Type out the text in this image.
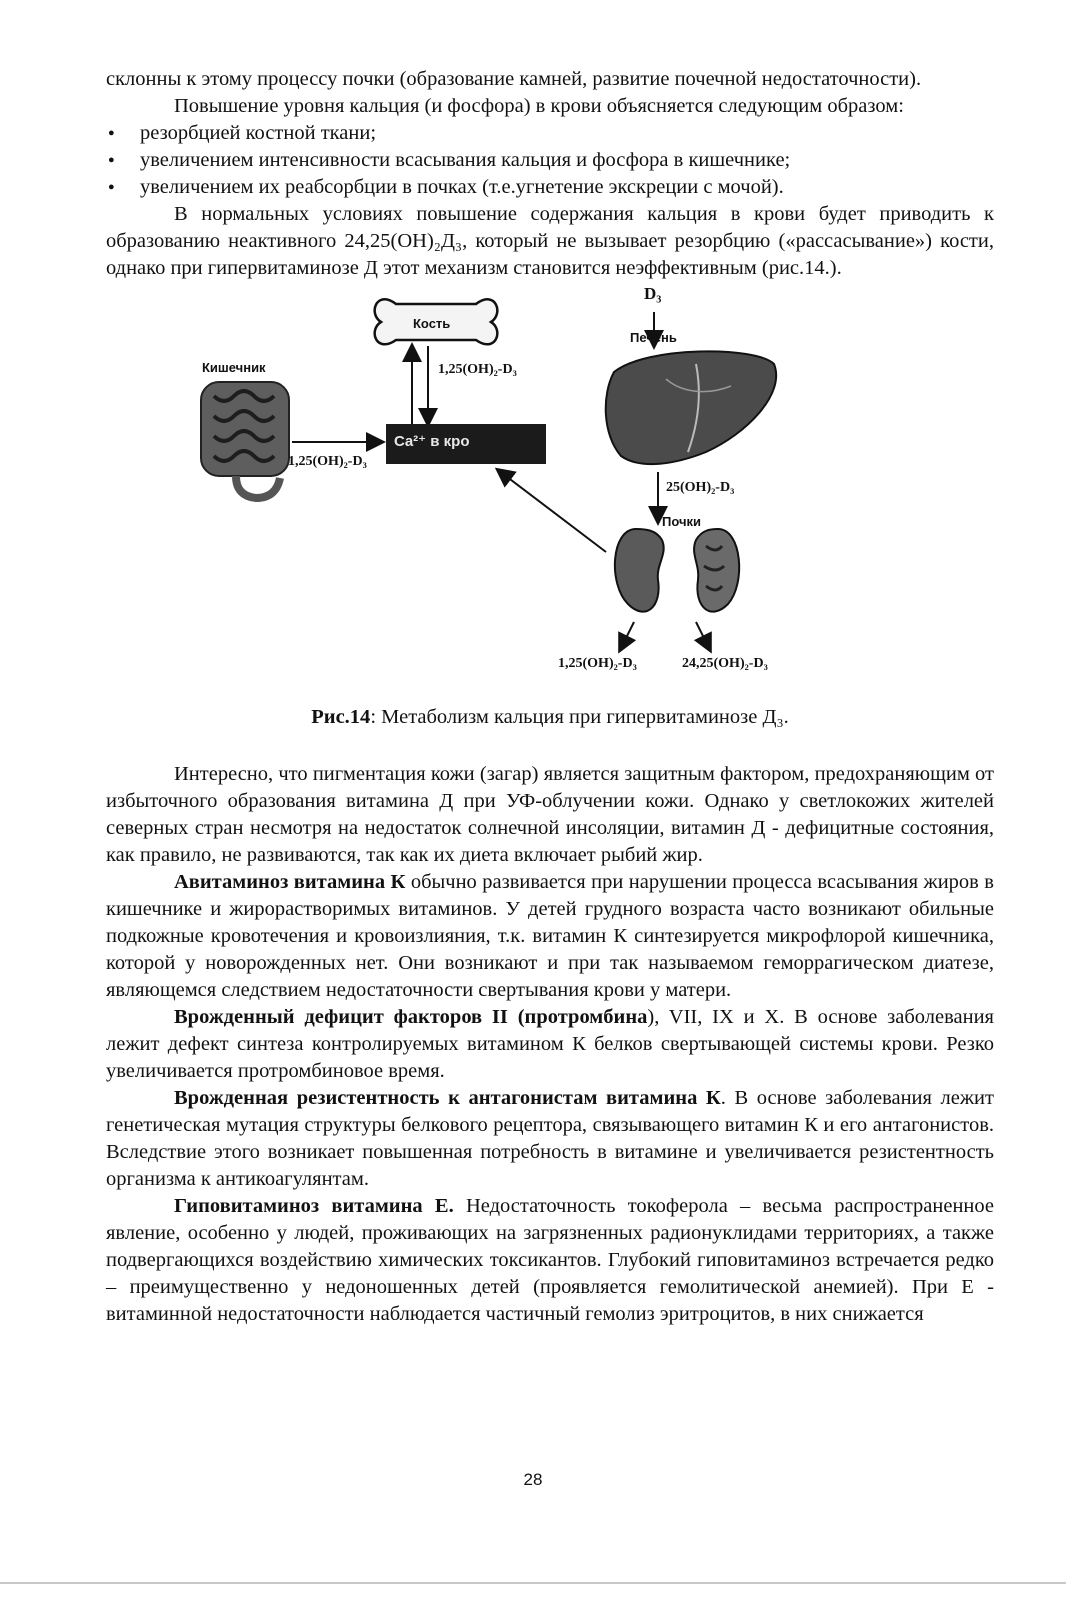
склонны к этому процессу почки (образование камней, развитие почечной недостаточности).

Повышение уровня кальция (и фосфора) в крови объясняется следующим образом:

● резорбцией костной ткани;
● увеличением интенсивности всасывания кальция и фосфора в кишечнике;
● увеличением их реабсорбции в почках (т.е.угнетение экскреции с мочой).

В нормальных условиях повышение содержания кальция в крови будет приводить к образованию неактивного 24,25(ОН)₂Д₃, который не вызывает резорбцию («рассасывание») кости, однако при гипервитаминозе Д этот механизм становится неэффективным (рис.14.).

Кость
Кишечник
Печень
Почки
D₃
Ca²⁺ в кро
1,25(OH)₂-D₃
1,25(OH)₂-D₃
25(OH)₂-D₃
1,25(OH)₂-D₃	24,25(OH)₂-D₃

Рис.14: Метаболизм кальция при гипервитаминозе Д₃.

Интересно, что пигментация кожи (загар) является защитным фактором, предохраняющим от избыточного образования витамина Д при УФ-облучении кожи. Однако у светлокожих жителей северных стран несмотря на недостаток солнечной инсоляции, витамин Д - дефицитные состояния, как правило, не развиваются, так как их диета включает рыбий жир.

Авитаминоз витамина К обычно развивается при нарушении процесса всасывания жиров в кишечнике и жирорастворимых витаминов. У детей грудного возраста часто возникают обильные подкожные кровотечения и кровоизлияния, т.к. витамин К синтезируется микрофлорой кишечника, которой у новорожденных нет. Они возникают и при так называемом геморрагическом диатезе, являющемся следствием недостаточности свертывания крови у матери.

Врожденный дефицит факторов II (протромбина), VII, IX и X. В основе заболевания лежит дефект синтеза контролируемых витамином К белков свертывающей системы крови. Резко увеличивается протромбиновое время.

Врожденная резистентность к антагонистам витамина К. В основе заболевания лежит генетическая мутация структуры белкового рецептора, связывающего витамин К и его антагонистов. Вследствие этого возникает повышенная потребность в витамине и увеличивается резистентность организма к антикоагулянтам.

Гиповитаминоз витамина Е. Недостаточность токоферола – весьма распространенное явление, особенно у людей, проживающих на загрязненных радионуклидами территориях, а также подвергающихся воздействию химических токсикантов. Глубокий гиповитаминоз встречается редко – преимущественно у недоношенных детей (проявляется гемолитической анемией). При Е - витаминной недостаточности наблюдается частичный гемолиз эритроцитов, в них снижается

28
